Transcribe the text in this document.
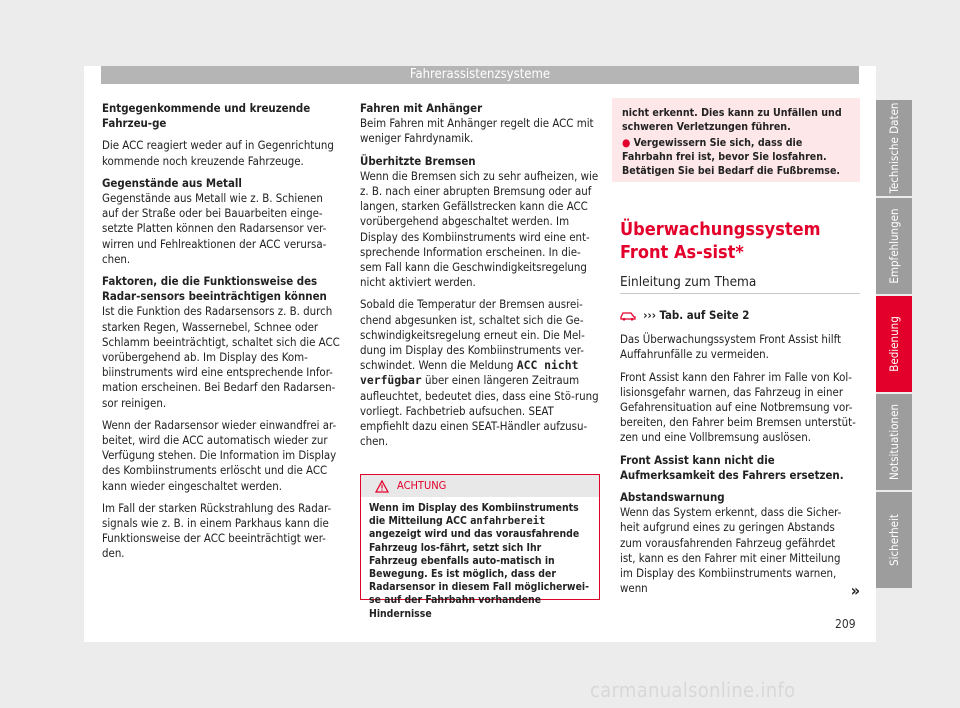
Fahrerassistenzsysteme

Entgegenkommende und kreuzende Fahrzeu-ge

Die ACC reagiert weder auf in Gegenrichtung kommende noch kreuzende Fahrzeuge.

Gegenstände aus Metall

Gegenstände aus Metall wie z. B. Schienen auf der Straße oder bei Bauarbeiten einge-setzte Platten können den Radarsensor ver-wirren und Fehlreaktionen der ACC verursa-chen.

Faktoren, die die Funktionsweise des Radar-sensors beeinträchtigen können

Ist die Funktion des Radarsensors z. B. durch starken Regen, Wassernebel, Schnee oder Schlamm beeinträchtigt, schaltet sich die ACC vorübergehend ab. Im Display des Kom-biinstruments wird eine entsprechende Infor-mation erscheinen. Bei Bedarf den Radarsen-sor reinigen.

Wenn der Radarsensor wieder einwandfrei ar-beitet, wird die ACC automatisch wieder zur Verfügung stehen. Die Information im Display des Kombiinstruments erlöscht und die ACC kann wieder eingeschaltet werden.

Im Fall der starken Rückstrahlung des Radar-signals wie z. B. in einem Parkhaus kann die Funktionsweise der ACC beeinträchtigt wer-den.

Fahren mit Anhänger

Beim Fahren mit Anhänger regelt die ACC mit weniger Fahrdynamik.

Überhitzte Bremsen

Wenn die Bremsen sich zu sehr aufheizen, wie z. B. nach einer abrupten Bremsung oder auf langen, starken Gefällstrecken kann die ACC vorübergehend abgeschaltet werden. Im Display des Kombiinstruments wird eine ent-sprechende Information erscheinen. In die-sem Fall kann die Geschwindigkeitsregelung nicht aktiviert werden.

Sobald die Temperatur der Bremsen ausrei-chend abgesunken ist, schaltet sich die Ge-schwindigkeitsregelung erneut ein. Die Mel-dung im Display des Kombiinstruments ver-schwindet. Wenn die Meldung ACC nicht verfügbar über einen längeren Zeitraum aufleuchtet, bedeutet dies, dass eine Stö-rung vorliegt. Fachbetrieb aufsuchen. SEAT empfiehlt dazu einen SEAT-Händler aufzusu-chen.

ACHTUNG
Wenn im Display des Kombiinstruments die Mitteilung ACC anfahrbereit angezeigt wird und das vorausfahrende Fahrzeug los-fährt, setzt sich Ihr Fahrzeug ebenfalls auto-matisch in Bewegung. Es ist möglich, dass der Radarsensor in diesem Fall möglicherwei-se auf der Fahrbahn vorhandene Hindernisse
nicht erkennt. Dies kann zu Unfällen und schweren Verletzungen führen.
● Vergewissern Sie sich, dass die Fahrbahn frei ist, bevor Sie losfahren. Betätigen Sie bei Bedarf die Fußbremse.
Überwachungssystem Front As-sist*
Einleitung zum Thema

››› Tab. auf Seite 2

Das Überwachungssystem Front Assist hilft Auffahrunfälle zu vermeiden.

Front Assist kann den Fahrer im Falle von Kol-lisionsgefahr warnen, das Fahrzeug in einer Gefahrensituation auf eine Notbremsung vor-bereiten, den Fahrer beim Bremsen unterstüt-zen und eine Vollbremsung auslösen.

Front Assist kann nicht die Aufmerksamkeit des Fahrers ersetzen.

Abstandswarnung

Wenn das System erkennt, dass die Sicher-heit aufgrund eines zu geringen Abstands zum vorausfahrenden Fahrzeug gefährdet ist, kann es den Fahrer mit einer Mitteilung im Display des Kombiinstruments warnen, wenn	»

Technische Daten
Empfehlungen
Bedienung
Notsituationen
Sicherheit
209
carmanualsonline.info
